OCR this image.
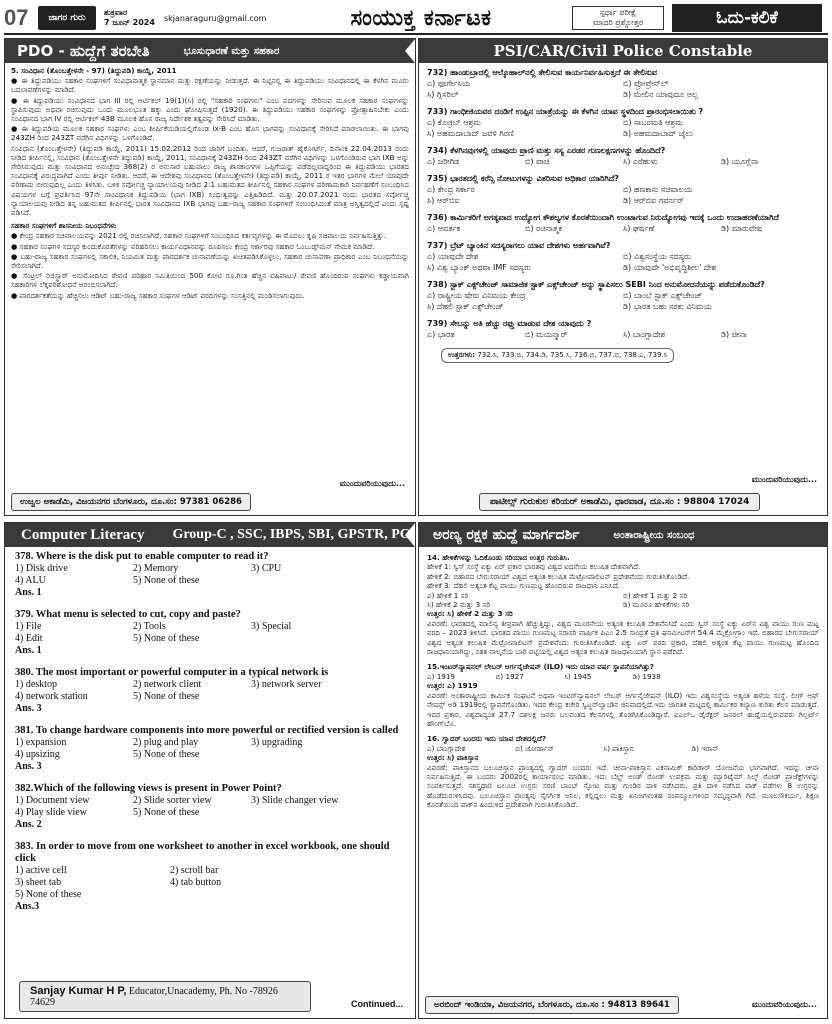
07	ಜಾಗರ ಗುರು
ಶುಕ್ರವಾರ
7 ಜೂನ್ 2024	skjanaraguru@gmail.com	ಸಂಯುಕ್ತ ಕರ್ನಾಟಕ	ಸ್ಪರ್ಧಾ ಪರೀಕ್ಷೆ
ಮಾದರಿ ಪ್ರಶ್ನೋತ್ತರ	ಓದು-ಕಲಿಕೆ
PDO - ಹುದ್ದೆಗೆ ತರಬೇತಿ	ಭೂಸುಧಾರಣೆ ಮತ್ತು ಸಹಕಾರ

5. ಸಂವಿಧಾನ (ತೊಂಬತ್ತೇಳನೇ - 97) (ತಿದ್ದುಪಡಿ) ಕಾಯ್ದೆ, 2011

● ಈ ತಿದ್ದುಪಡಿಯು ಸಹಕಾರ ಸಂಘಗಳಿಗೆ ಸಂವಿಧಾನಾತ್ಮಕ ಸ್ಥಾನಮಾನ ಮತ್ತು ರಕ್ಷಣೆಯನ್ನು ನೀಡುತ್ತದೆ. ಈ ನಿಟ್ಟಿನಲ್ಲಿ ಈ ತಿದ್ದುಪಡಿಯು ಸಂವಿಧಾನದಲ್ಲಿ ಈ ಕೆಳಗಿನ ಮೂರು ಬದಲಾವಣೆಗಳನ್ನು ಮಾಡಿದೆ.

● ಈ ತಿದ್ದುಪಡಿಯು ಸಂವಿಧಾನದ ಭಾಗ III ರಲ್ಲಿ ಆರ್ಟಿಕಲ್ 19(1)(ಸಿ) ರಲ್ಲಿ "ಸಹಕಾರಿ ಸಂಘಗಳು" ಎಂಬ ಪದಗಳನ್ನು ಸೇರಿಸುವ ಮೂಲಕ ಸಹಕಾರ ಸಂಘಗಳನ್ನು ಸ್ಥಾಪಿಸುವುದು ಅಥವಾ ರಚಿಸುವುದು ಒಂದು ಮೂಲಭೂತ ಹಕ್ಕು ಎಂದು ಘೋಷಿಸುತ್ತದೆ (1920). ಈ ತಿದ್ದುಪಡಿಯು ಸಹಕಾರ ಸಂಘಗಳನ್ನು ಪ್ರೋತ್ಸಾಹಿಸಬೇಕು ಎಂದು ಸಂವಿಧಾನದ ಭಾಗ IV ರಲ್ಲಿ ಆರ್ಟಿಕಲ್ 43B ಮೂಲಕ ಹೊಸ ರಾಜ್ಯ ನಿರ್ದೇಶಕ ತತ್ವವನ್ನು ಸೇರಿಸಿದೆ ಮಾಡಿತು.

● ಈ ತಿದ್ದುಪಡಿಯ ಮೂಲಕ ಸಹಕಾರ ಸಂಘಗಳು ಎಂಬ ಶೀರ್ಷಿಕೆಯಡಿಯಲ್ಲಿಗೊಂಡ ix-B ಎಂಬ ಹೊಸ ಭಾಗವನ್ನು ಸಂವಿಧಾನಕ್ಕೆ ಸೇರಿಸಿದೆ ಮಾಡಲಾಯಿತು. ಈ ಭಾಗವು 243ZH ರಿಂದ 243ZT ವರೆಗಿನ ವಿಧಿಗಳನ್ನು ಒಳಗೊಂಡಿದೆ.

ಸಂವಿಧಾನ (ತೊಂಬತ್ತೇಳನೇ) (ತಿದ್ದುಪಡಿ ಕಾಯ್ದೆ, 2011) 15.02.2012 ರಿಂದ ಜಾರಿಗೆ ಬಂದಿತು. ಆದರೆ, ಗುಜರಾತ್ ಹೈಕೋರ್ಟ್, ದಿನಾಂಕ 22.04.2013 ರಂದು ನೀಡಿದ ತೀರ್ಪಿನಲ್ಲಿ, ಸಂವಿಧಾನ (ತೊಂಬತ್ತೇಳನೇ ತಿದ್ದುಪಡಿ) ಕಾಯ್ದೆ, 2011, ಸಂವಿಧಾನಕ್ಕೆ 243ZH ರಿಂದ 243ZT ವರೆಗಿನ ವಿಧಿಗಳನ್ನು ಒಳಗೊಂಡಿರುವ ಭಾಗ IXB ಅನ್ನು ಸೇರಿಸಿರುವುದು ಮತ್ತು ಸಂವಿಧಾನದ ಅನುಚ್ಛೇದ 368(2) ರ ಅನುಸಾರ ಬಹುಪಾಲು ರಾಜ್ಯ ಶಾಸಕಾಂಗಗಳ ಒಪ್ಪಿಗೆಯನ್ನು ಪಡೆದಿಲ್ಲವಾದ್ದರಿಂದ ಈ ತಿದ್ದುಪಡಿಯು ಭಾರತದ ಸಂವಿಧಾನಕ್ಕೆ ವಿರುದ್ಧವಾಗಿದೆ ಎಂದು ತೀರ್ಪು ನೀಡಿತು. ಆದರೆ, ಈ ಆದೇಶವು ಸಂವಿಧಾನದ (ತೊಂಬತ್ತೇಳನೇ) (ತಿದ್ದುಪಡಿ) ಕಾಯ್ದೆ, 2011 ರ ಇತರ ಭಾಗಗಳ ಮೇಲೆ ಯಾವುದೇ ಪರಿಣಾಮ ಬೀರುವುದಿಲ್ಲ ಎಂದು ತಿಳಿಸಿತು. ಬಳಿಕ ಸರ್ವೋಚ್ಚ ನ್ಯಾಯಾಲಯವು ನೀಡಿದ 2:1 ಬಹುಮತದ ತೀರ್ಪಿನಲ್ಲಿ ಸಹಕಾರ ಸಂಘಗಳ ಪರಿಣಾಮಕಾರಿ ನಿರ್ವಹಣೆಗೆ ಸಂಬಂಧಿಸಿದ ವಿಷಯಗಳ ಬಗ್ಗೆ ಪ್ರವರ್ತಿಸಿದ 97ನೇ ಸಾಂವಿಧಾನಿಕ ತಿದ್ದುಪಡಿಯ (ಭಾಗ IXB) ಸಿಂಧುತ್ವವನ್ನು ಎತ್ತಿಹಿಡಿದಿದೆ. ಮತ್ತು 20.07.2021 ರಂದು ಭಾರತದ ಸರ್ವೋಚ್ಚ ನ್ಯಾಯಾಲಯವು ನೀಡಿದ ತನ್ನ ಬಹುಮತದ ತೀರ್ಪಿನಲ್ಲಿ ಭಾರತ ಸಂವಿಧಾನದ IXB ಭಾಗವು ಬಹು-ರಾಜ್ಯ ಸಹಕಾರ ಸಂಘಗಳಿಗೆ ಸಂಬಂಧಿಸಿದಂತೆ ಮಾತ್ರ ಅಸ್ತಿತ್ವದಲ್ಲಿದೆ ಎಂದು ಸ್ಪಷ್ಟ ಪಡಿಸಿದೆ.

ಸಹಕಾರ ಸಂಘಗಳಿಗೆ ಶಾಸನೀಯ ನಿಬಂಧನೆಗಳು

● ಕೇಂದ್ರ ಸಹಕಾರ ಸಚಿವಾಲಯವನ್ನು 2021 ರಲ್ಲಿ ರಚಿಸಲಾಗಿದೆ, ಸಹಕಾರ ಸಂಘಗಳಿಗೆ ಸಂಬಂಧಿಸಿದ ಕರ್ತವ್ಯಗಳನ್ನು ಈ ಮೊದಲು ಕೃಷಿ ಸಚಿವಾಲಯ ನಿರ್ವಹಿಸುತ್ತಿತ್ತು.

● ಸಹಕಾರ ಸಂಘಗಳ ಸದಸ್ಯರ ಕುಂದುಕೊರತೆಗಳನ್ನು ಪರಿಹರಿಸಲು ಕಾರ್ಯವಿಧಾನವನ್ನು ರೂಪಿಸಲು ಕೇಂದ್ರ ಸರ್ಕಾರವು ಸಹಕಾರ ಓಂಬುಡ್ಸ್‌ಮನ್ ನೇಮಕ ಮಾಡಿದೆ.

● ಬಹು-ರಾಜ್ಯ ಸಹಕಾರ ಸಂಘಗಳಲ್ಲಿ ಸಕಾಲಿಕ, ನಿಯಮಿತ ಮತ್ತು ಪಾರದರ್ಶಕ ಚುನಾವಣೆಯನ್ನು ಖಚಿತಪಡಿಸಿಕೊಳ್ಳಲು, ಸಹಕಾರ ಚುನಾವಣಾ ಪ್ರಾಧಿಕಾರ ಎಂಬ ನಿಬಂಧನೆಯನ್ನು ಸೇರಿಸಲಾಗಿದೆ.

● ಸೆಂಟ್ರಲ್ ರಿಜಿಸ್ಟ್ರಾರ್ ಅನುಮೋದಿಸಿದ ಠೇವಣಿ ಪರಿಹಾರ ಸಮಿತಿಯಿಂದ 500 ಕೋಟಿ ರೂ.ಗಿಂತ ಹೆಚ್ಚಿನ ವಹಿವಾಟು/ ಠೇವಣಿ ಹೊಂದಿರುವ ಸಂಘಗಳು ಕಡ್ಡಾಯವಾಗಿ ಸಹಕಾರಿಗಳ ಲೆಕ್ಕಪರಿಶೋಧನೆ ಆರಂಭಿಸಲಾಗಿದೆ.

● ಪಾರದರ್ಶಕತೆಯನ್ನು ಹೆಚ್ಚಿಸಲು ಆಡಿಟ್ ಬಹು-ರಾಜ್ಯ ಸಹಕಾರ ಸಂಘಗಳ ಆಡಿಟ್ ವರದಿಗಳನ್ನು ಸಂಸತ್ತಿನಲ್ಲಿ ಮಂಡಿಸಲಾಗುವುದು.

ಮುಂದುವರಿಯುವುದು...
ಉಜ್ವಲ ಅಕಾಡೆಮಿ, ವಿಜಯನಗರ ಬೆಂಗಳೂರು, ದೂ.ಸಂ: 97381 06286
PSI/CAR/Civil Police Constable
732) ಹಾಂಡುಬ್ರಾದಲ್ಲಿ ಆಲ್ಕೊಹಾಲ್‌ನಲ್ಲಿ ತೇಲಿಸುವ ಕಾರ್ಯನಿರ್ವಹಿಸುತ್ತದೆ ಈ ತೇಲಿಸುವ
ಎ) ಫೂರ್ಗೇಸಿಯ	ಬಿ) ಪ್ರೋಪ್ರೇನ್‌ಲ್
ಸಿ) ಗ್ಲಿಸರಿಲ್	ಡಿ) ಮೇಲಿನ ಯಾವುದೂ ಅಲ್ಲ
733) ಗಾಂಧೀಜಿಯವರ ದಂಡಿಗೆ ಉಪ್ಪಿನ ಯಾತ್ರೆಯನ್ನು ಈ ಕೆಳಗಿನ ಯಾವ ಸ್ಥಳದಿಂದ ಪ್ರಾರಂಭಿಸಲಾಯಿತು ?
ಎ) ಕೊಚ್ರಬ್ ಆಶ್ರಮ	ಬಿ) ಸಾಬರಮತಿ ಆಶ್ರಮ
ಸಿ) ಅಹಮದಾಬಾದ್ ಜವಳಿ ಗಿರಣಿ	ಡಿ) ಅಹಮದಾಬಾದ್ ಜೈಲು
734) ಕೆಳಗಿನವುಗಳಲ್ಲಿ ಯಾವುದು ಪ್ರಾಣಿ ಮತ್ತು ಸಸ್ಯ ಎರಡರ ಗುಣಲಕ್ಷಣಗಳನ್ನು ಹೊಂದಿದೆ?
ಎ) ಜರೀಗಿಡ	ಬಿ) ಪಾಚಿ	ಸಿ) ಎರೆಹುಳು	ಡಿ) ಯೂಗ್ಲೆನಾ
735) ಭಾರತದಲ್ಲಿ ಕರೆನ್ಸಿ ನೋಟುಗಳನ್ನು ವಿತರಿಸುವ ಅಧಿಕಾರ ಯಾರಿಗಿದೆ?
ಎ) ಕೇಂದ್ರ ಸರ್ಕಾರ	ಬಿ) ಹಣಕಾಸು ಸಚಿವಾಲಯ
ಸಿ) ಆರ್‌ಬಿಐ	ಡಿ) ಆರ್‌ಬಿಐ ಗವರ್ನರ್
736) ಕಾರ್ಮಿಕರಿಗೆ ಅಗತ್ಯವಾದ ಉದ್ಯೋಗ ಕೌಶಲ್ಯಗಳ ಕೊರತೆಯಿಂದಾಗಿ ಉಂಟಾಗುವ ನಿರುದ್ಯೋಗವು ಇದಕ್ಕೆ ಒಂದು ಉದಾಹರಣೆಯಾಗಿದೆ
ಎ) ಆವರ್ತಕ	ಬಿ) ರಚನಾತ್ಮಕ	ಸಿ) ಘರ್ಷಣೆ	ಡಿ) ಮಾರುವೇಷ
737) ಬ್ರೆಟ್ ಬ್ಯಾಂಕಿನ ಸದಸ್ಯರಾಗಲು ಯಾವ ದೇಶಗಳು ಅರ್ಹವಾಗಿವೆ?
ಎ) ಯಾವುದೇ ದೇಶ	ಬಿ) ವಿಶ್ವಸಂಸ್ಥೆಯ ಸದಸ್ಯರು
ಸಿ) ವಿಶ್ವ ಬ್ಯಾಂಕ್ ಅಥವಾ IMF ಸದಸ್ಯರು	ಡಿ) ಯಾವುದೇ 'ಅಭಿವೃದ್ಧಿಶೀಲ' ದೇಶ
738) ಸ್ಟಾಕ್ ಎಕ್ಸ್‌ಚೇಂಜ್ ಸಾಮಾಜಿಕ ಸ್ಟಾಕ್ ಎಕ್ಸ್‌ಚೇಂಜ್ ಅನ್ನು ಸ್ಥಾಪಿಸಲು SEBI ನಿಂದ ಅನುಮೋದನೆಯನ್ನು ಪಡೆದುಕೊಂಡಿದೆ?
ಎ) ರಾಷ್ಟ್ರೀಯ ಷೇರು ವಿನಿಮಯ ಕೇಂದ್ರ	ಬಿ) ಬಾಂಬೆ ಸ್ಟಾಕ್ ಎಕ್ಸ್‌ಚೇಂಜ್
ಸಿ) ದೆಹಲಿ ಸ್ಟಾಕ್ ಎಕ್ಸ್‌ಚೇಂಜ್	ಡಿ) ಭಾರತ ಬಹು ಸರಕು ವಿನಿಮಯ
739) ಸೇಬನ್ನು ಅತಿ ಹೆಚ್ಚು ರಫ್ತು ಮಾಡುವ ದೇಶ ಯಾವುದು ?
ಎ) ಭಾರತ	ಬಿ) ಮಯನ್ಮಾರ್	ಸಿ) ಬಾಂಗ್ಲಾದೇಶ	ಡಿ) ಚೀನಾ
ಉತ್ತರಗಳು: 732.ಸಿ, 733.ಬಿ, 734.ಡಿ, 735.ಸಿ, 736.ಬಿ, 737.ಬಿ, 738.ಎ, 739.ಸಿ
ಮುಂದುವರಿಯುವುದು...
ಪಾಟೀಲ್ಸ್ ಗುರುಕುಲ ಕರಿಯರ್ ಅಕಾಡೆಮಿ, ಧಾರವಾಡ, ದೂ.ಸಂ : 98804 17024
Computer Literacy Group-C , SSC, IBPS, SBI, GPSTR, PC
378. Where is the disk put to enable computer to read it?
1) Disk drive	2) Memory	3) CPU
4) ALU	5) None of these
Ans. 1
379. What menu is selected to cut, copy and paste?
1) File	2) Tools	3) Special
4) Edit	5) None of these
Ans. 1
380. The most important or powerful computer in a typical network is
1) desktop	2) network client	3) network server
4) network station	5) None of these
Ans. 3
381. To change hardware components into more powerful or rectified version is called
1) expansion	2) plug and play	3) upgrading
4) upsizing	5) None of these
Ans. 3
382.Which of the following views is present in Power Point?
1) Document view	2) Slide sorter view	3) Slide changer view
4) Play slide view	5) None of these
Ans. 2
383. In order to move from one worksheet to another in excel workbook, one should click
1) active cell	2) scroll bar
3) sheet tab	4) tab button
5) None of these
Ans.3
Sanjay Kumar H P, Educator,Unacademy, Ph. No -78926 74629	Continued...
ಅರಣ್ಯ ರಕ್ಷಕ ಹುದ್ದೆ ಮಾರ್ಗದರ್ಶಿ	ಅಂತಾರಾಷ್ಟ್ರೀಯ ಸಂಬಂಧ
14. ಹೇಳಿಕೆಗಳನ್ನು ಓದಿಕೊಂಡು ಸರಿಯಾದ ಉತ್ತರ ಗುರುತಿಸಿ.
ಹೇಳಿಕೆ 1: ಸ್ವಿಸ್ ಸಂಸ್ಥೆ ಐಕ್ಯು ಏರ್ ಪ್ರಕಾರ ಭಾರತವು ವಿಶ್ವದ ಐದನೇಯ ಕಲುಷಿತ ದೇಶವಾಗಿದೆ.
ಹೇಳಿಕೆ 2: ಬಿಹಾರದ ಬೇಗುಸರಾಯ್ ವಿಶ್ವದ ಅತ್ಯಂತ ಕಲುಷಿತ ಮೆಟ್ರೋಪಾಲಿಟನ್ ಪ್ರದೇಶವೆಂದು ಗುರುತಿಸಿಕೊಂಡಿದೆ.
ಹೇಳಿಕೆ 3: ದೆಹಲಿ ಅತ್ಯಂತ ಕೆಟ್ಟ ವಾಯು ಗುಣಮಟ್ಟ ಹೊಂದಿರುವ ರಾಜಧಾನಿ ಎನಿಸಿದೆ.
ಎ) ಹೇಳಿಕೆ 1 ಸರಿ	ಬಿ) ಹೇಳಿಕೆ 1 ಮತ್ತು 2 ಸರಿ
ಸಿ) ಹೇಳಿಕೆ 2 ಮತ್ತು 3 ಸರಿ	ಡಿ) ಮೂರೂ ಹೇಳಿಕೆಗಳು ಸರಿ
ಉತ್ತರ: ಸಿ) ಹೇಳಿಕೆ 2 ಮತ್ತು 3 ಸರಿ
ವಿವರಣೆ: ಭಾರತದಲ್ಲಿ ಮಾಲಿನ್ಯ ತೀವ್ರವಾಗಿ ಹೆಚ್ಚುತ್ತಿದ್ದು, ವಿಶ್ವದ ಮೂರನೇಯ ಅತ್ಯಂತ ಕಲುಷಿತ ದೇಶವೆನಿಸಿದೆ ಎಂದು ಸ್ವಿಸ್ ಸಂಸ್ಥೆ ಐಕ್ಯು ಏರ್‌ನ ವಿಶ್ವ ವಾಯು ಗುಣ ಮಟ್ಟ ವರದಿ – 2023 ತಿಳಿಸಿದೆ. ಭಾರತದ ವಾಯು ಗುಣಮಟ್ಟ ಸರಾಸರಿ ವಾರ್ಷಿಕ ಪಿಎಂ 2.5 ಸಾಂದ್ರತೆ ಪ್ರತಿ ಘನಮೀಟರ್‌ಗೆ 54.4 ಮೈಕ್ರೋಗ್ರಾಂ ಇದೆ. ಬಿಹಾರದ ಬೇಗುಸರಾಯ್ ವಿಶ್ವದ ಅತ್ಯಂತ ಕಲುಷಿತ ಮೆಟ್ರೋಪಾಲಿಟನ್ ಪ್ರದೇಶವೆಂದು ಗುರುತಿಸಿಕೊಂಡಿದೆ. ಐಕ್ಯು ಏರ್ ವರದಿ ಪ್ರಕಾರ, ದೆಹಲಿ ಅತ್ಯಂತ ಕೆಟ್ಟ ವಾಯು ಗುಣಮಟ್ಟ ಹೊಂದಿದ ರಾಜಧಾನಿಯಾಗಿದ್ದು, ಸತತ ನಾಲ್ಕನೆಯ ಬಾರಿ ಪಟ್ಟಿಯಲ್ಲಿ ವಿಶ್ವದ ಅತ್ಯಂತ ಕಲುಷಿತ ರಾಜಧಾನಿಯಾಗಿ ಸ್ಥಾನ ಪಡೆದಿದೆ.
15.ಇಂಟರ್‌ನ್ಯಾಷನಲ್ ಲೇಬರ್ ಆರ್ಗನೈಜೇಷನ್ (ILO) ಇದು ಯಾವ ವರ್ಷ ಸ್ಥಾಪನೆಯಾಗಿತ್ತು?
ಎ) 1919	ಬಿ) 1927	ಸಿ) 1945	ಡಿ) 1938
ಉತ್ತರ: ಎ) 1919
ವಿವರಣೆ: ಅಂತಾರಾಷ್ಟ್ರೀಯ ಕಾರ್ಮಿಕ ಸಂಘಟನೆ ಅಥವಾ ಇಂಟರ್‌ನ್ಯಾಷನಲ್ ಲೇಬರ್ ಆರ್ಗನೈಜೇಷನ್ (ILO) ಇದು ವಿಶ್ವಸಂಸ್ಥೆಯ ಅತ್ಯಂತ ಹಳೆಯ ಸಂಸ್ಥೆ. ಲೀಗ್ ಆಫ್ ನೇಷನ್ಸ್ ಅಡಿ 1919ರಲ್ಲಿ ಸ್ಥಾಪನೆಗೊಂಡಿತು. ಇದರ ಕೇಂದ್ರ ಕಚೇರಿ ಸ್ವಿಟ್ಜರ್‌ಲ್ಯಾಂಡಿನ ಜಿನಿವಾದಲ್ಲಿದೆ.ಇದು ಜಾಗತಿಕ ಮಟ್ಟದಲ್ಲಿ ಕಾರ್ಮಿಕರ ಕಲ್ಯಾಣ ಕುರಿತು ಕೆಲಸ ಮಾಡುತ್ತದೆ. ಇದರ ಪ್ರಕಾರ, ವಿಶ್ವದಾದ್ಯಂತ 27.7 ದಶಲಕ್ಷ ಜನರು ಬಲವಂತದ ಕೆಲಸಗಳಲ್ಲಿ ತೊಡಗಿಸಿಕೊಂಡಿದ್ದಾರೆ. ಐಎಲ್ಒ ಡೈರೆಕ್ಟರ್ ಜನರಲ್ ಹುದ್ದೆಯಲ್ಲಿರುವವರು ಗಿಲ್ಬರ್ಟ್ ಹೌಂಗ್‌ಬೊ.
16. ಗ್ವಾದರ್ ಬಂದರು ಇದು ಯಾವ ದೇಶದಲ್ಲಿದೆ?
ಎ) ಬಾಂಗ್ಲಾದೇಶ	ಬಿ) ಜೋರ್ಡಾನ್	ಸಿ) ಪಾಕಿಸ್ತಾನ	ಡಿ) ಇರಾನ್
ಉತ್ತರ: ಸಿ) ಪಾಕಿಸ್ತಾನ
ವಿವರಣೆ: ಪಾಕಿಸ್ತಾನದ ಬಲೂಚಿಸ್ತಾನ ಪ್ರಾಂತ್ಯದಲ್ಲಿ ಗ್ವಾದರ್ ಬಂದರು ಇದೆ. ಚೀನಾ-ಪಾಕಿಸ್ತಾನ ಎಕನಾಮಿಕ್ ಕಾರಿಡಾರ್ ಯೋಜನೆಯ ಭಾಗವಾಗಿದೆ. ಇದನ್ನು ಚೀನಾ ನಿರ್ವಹಿಸುತ್ತಿದೆ. ಈ ಬಂದರು 2002ರಲ್ಲಿ ಕಾರ್ಯಾರಂಭ ಮಾಡಿತು. ಇದು ಬೆಲ್ಟ್ ಅಂಡ್ ರೋಡ್ ಉಪಕ್ರಮ ಮತ್ತು ಮ್ಯಾರಿಟೈಮ್ ಸಿಲ್ಕ್ ರೋಡ್ ಪ್ರಾಜೆಕ್ಟ್‌ಗಳನ್ನು ಸಂಪರ್ಕಿಸುತ್ತದೆ. ಸಶಸ್ತ್ರಧಾರಿ ಬಲೂಚಿ ಉಗ್ರರು ಸರಣಿ ಬಾಂಬ್ ಸ್ಫೋಟ ಮತ್ತು ಗುಂಡಿನ ದಾಳಿ ನಡೆಸಿದರು. ಪ್ರತಿ ದಾಳಿ ನಡೆಸಿದ ಪಾಕ್ ಪಡೆಗಳು 8 ಉಗ್ರರನ್ನು ಹೊಡೆದುರುಳಿಸಿದವು. ಬಲೂಚಿಸ್ತಾನ ಪ್ರಾಂತ್ಯವು ನೈಸರ್ಗಿಕ ಅನಿಲ, ಕಲ್ಲಿದ್ದಲು ಮತ್ತು ಖನಿಜಗಳಂತಹ ಸಂಪನ್ಮೂಲಗಳಿಂದ ಸಮೃದ್ಧವಾಗಿ ಗಿದೆ. ಮೂಲಸೌಕರ್ಯ, ಶಿಕ್ಷಣ ಕೊರತೆಯಿಂದ ಪಾಕ್‌ನ ಹಿಂದುಳಿದ ಪ್ರದೇಶವಾಗಿ ಗುರುತಿಸಿಕೊಂಡಿದೆ.
ಅರಬಿಂದ್ ಇಂಡಿಯಾ, ವಿಜಯನಗರ, ಬೆಂಗಳೂರು, ದೂ.ಸಂ : 94813 89641	ಮುಂದುವರಿಯುವುದು...
